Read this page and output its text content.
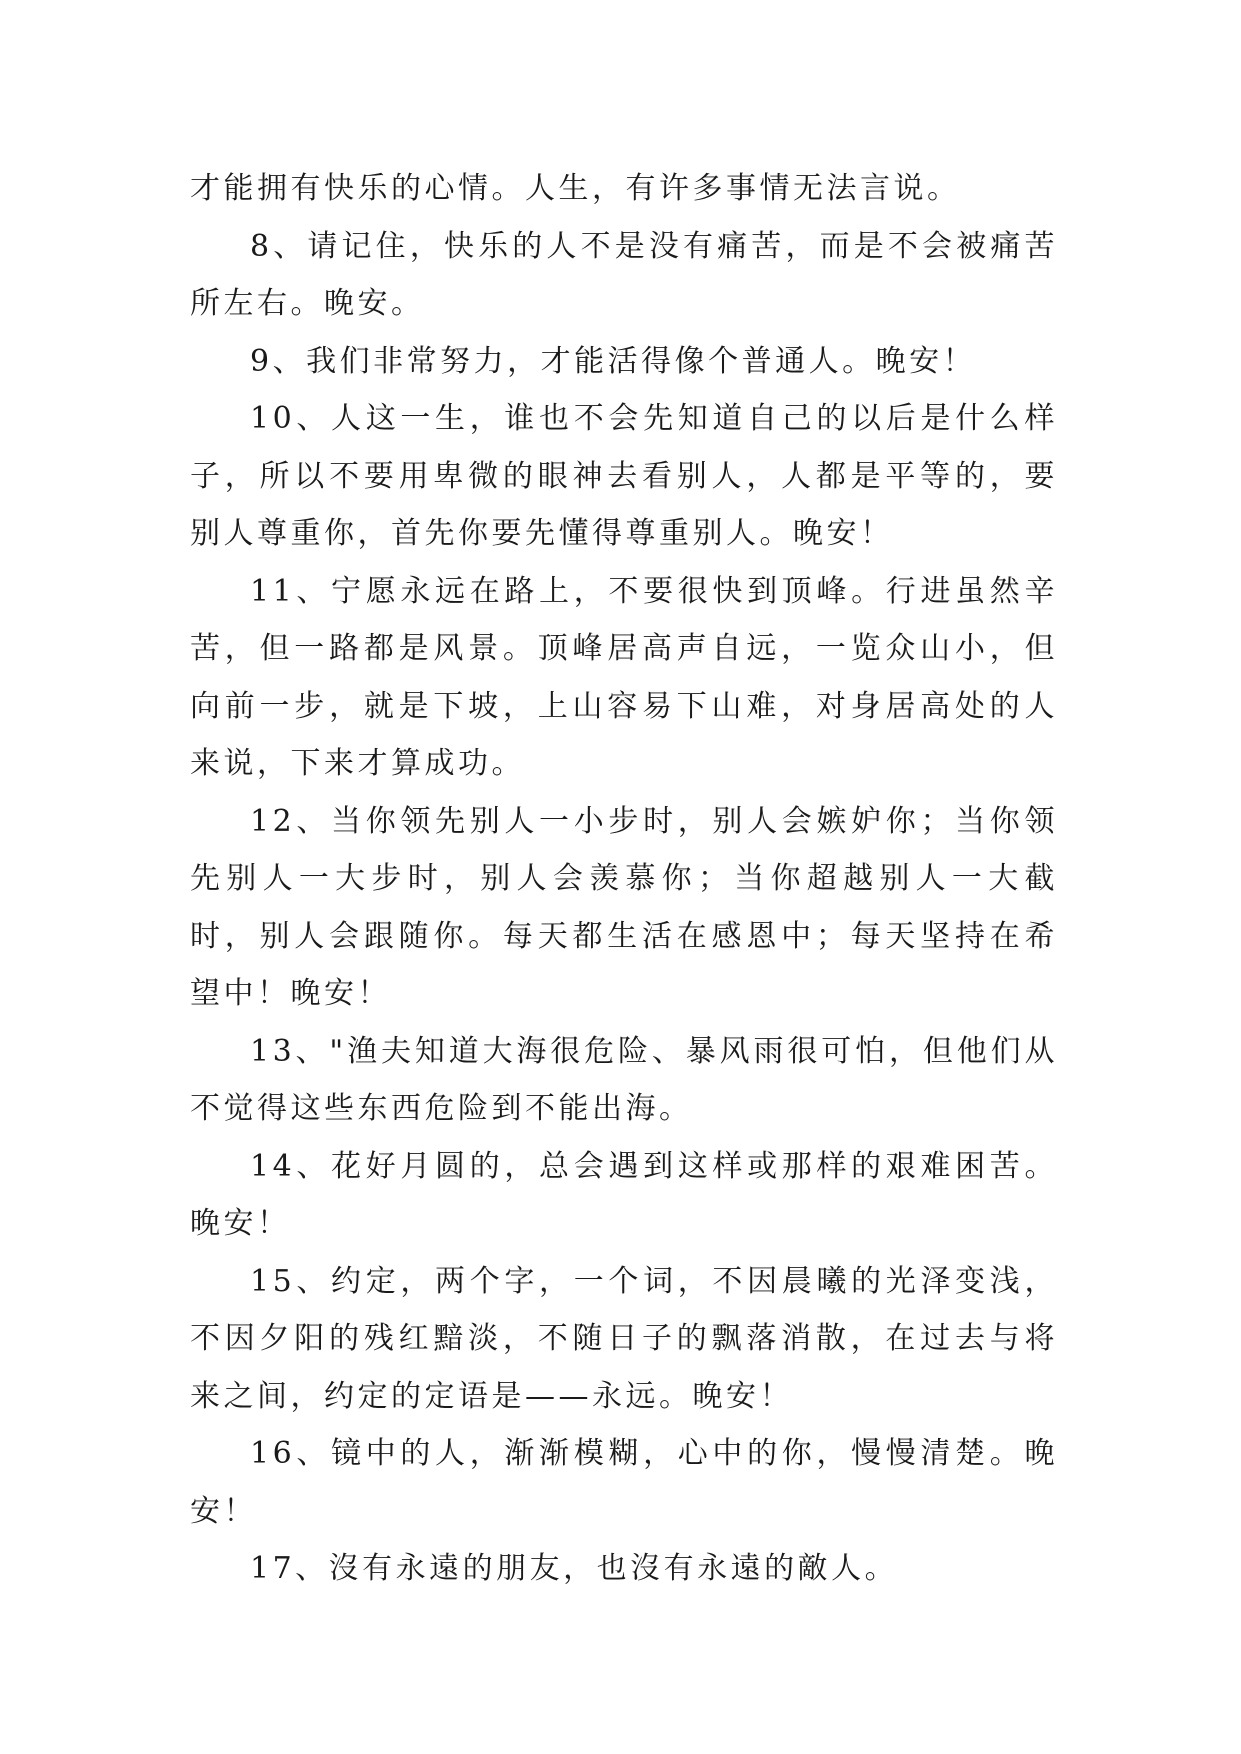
才能拥有快乐的心情。人生，有许多事情无法言说。

8、请记住，快乐的人不是没有痛苦，而是不会被痛苦所左右。晚安。

9、我们非常努力，才能活得像个普通人。晚安！

10、人这一生，谁也不会先知道自己的以后是什么样子，所以不要用卑微的眼神去看别人，人都是平等的，要别人尊重你，首先你要先懂得尊重别人。晚安！

11、宁愿永远在路上，不要很快到顶峰。行进虽然辛苦，但一路都是风景。顶峰居高声自远，一览众山小，但向前一步，就是下坡，上山容易下山难，对身居高处的人来说，下来才算成功。

12、当你领先别人一小步时，别人会嫉妒你；当你领先别人一大步时，别人会羡慕你；当你超越别人一大截时，别人会跟随你。每天都生活在感恩中；每天坚持在希望中！晚安！

13、"渔夫知道大海很危险、暴风雨很可怕，但他们从不觉得这些东西危险到不能出海。

14、花好月圆的，总会遇到这样或那样的艰难困苦。晚安！

15、约定，两个字，一个词，不因晨曦的光泽变浅，不因夕阳的残红黯淡，不随日子的飘落消散，在过去与将来之间，约定的定语是——永远。晚安！

16、镜中的人，渐渐模糊，心中的你，慢慢清楚。晚安！

17、沒有永遠的朋友，也沒有永遠的敵人。
